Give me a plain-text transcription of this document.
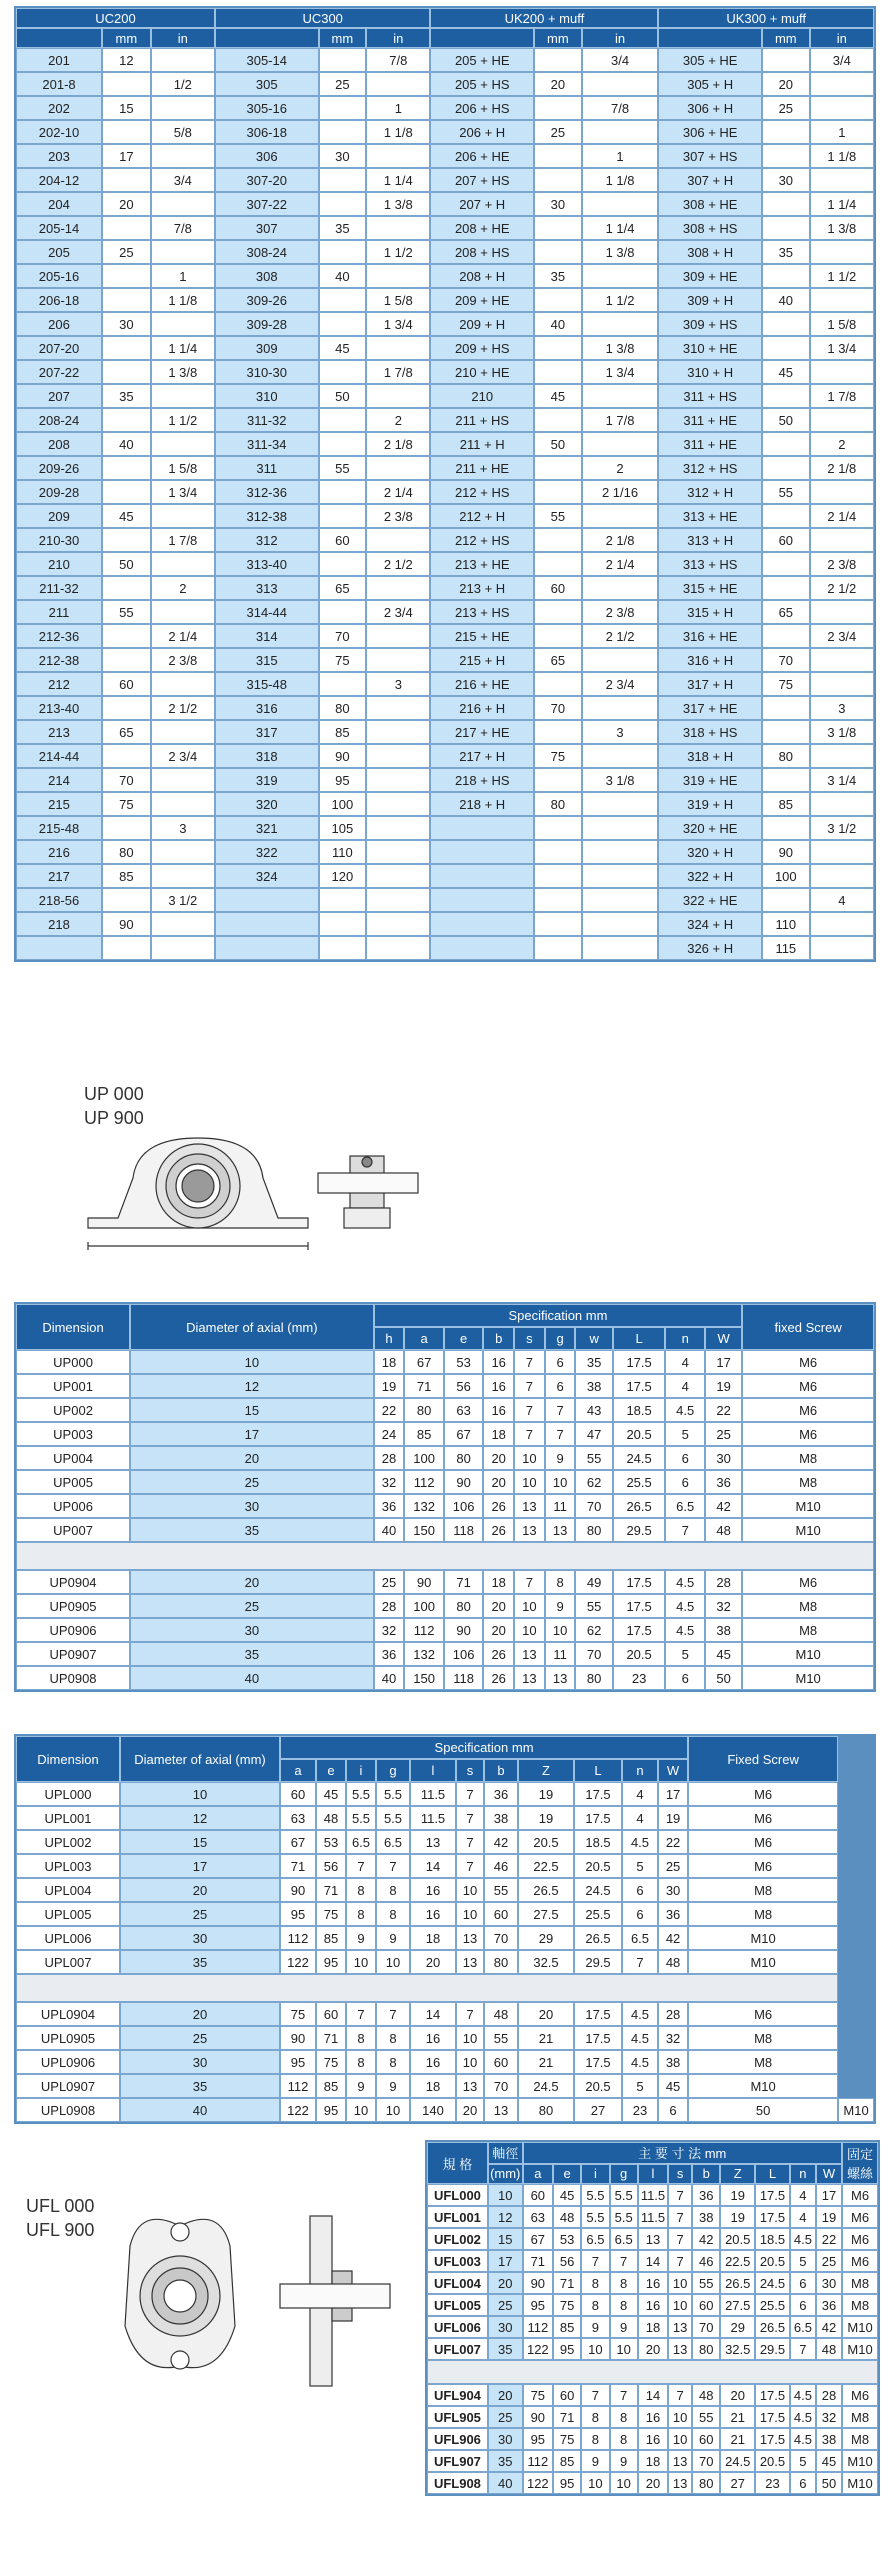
UC200			UC300			UK200 + muff			UK300 + muff		
	mm	in		mm	in		mm	in		mm	in
201	12		305-14		7/8	205 + HE		3/4	305 + HE		3/4
201-8		1/2	305	25		205 + HS	20		305 + H	20	
202	15		305-16		1	206 + HS		7/8	306 + H	25	
202-10		5/8	306-18		1 1/8	206 + H	25		306 + HE		1
203	17		306	30		206 + HE		1	307 + HS		1 1/8
204-12		3/4	307-20		1 1/4	207 + HS		1 1/8	307 + H	30	
204	20		307-22		1 3/8	207 + H	30		308 + HE		1 1/4
205-14		7/8	307	35		208 + HE		1 1/4	308 + HS		1 3/8
205	25		308-24		1 1/2	208 + HS		1 3/8	308 + H	35	
205-16		1	308	40		208 + H	35		309 + HE		1 1/2
206-18		1 1/8	309-26		1 5/8	209 + HE		1 1/2	309 + H	40	
206	30		309-28		1 3/4	209 + H	40		309 + HS		1 5/8
207-20		1 1/4	309	45		209 + HS		1 3/8	310 + HE		1 3/4
207-22		1 3/8	310-30		1 7/8	210 + HE		1 3/4	310 + H	45	
207	35		310	50		210	45		311 + HS		1 7/8
208-24		1 1/2	311-32		2	211 + HS		1 7/8	311 + HE	50	
208	40		311-34		2 1/8	211 + H	50		311 + HE		2
209-26		1 5/8	311	55		211 + HE		2	312 + HS		2 1/8
209-28		1 3/4	312-36		2 1/4	212 + HS		2 1/16	312 + H	55	
209	45		312-38		2 3/8	212 + H	55		313 + HE		2 1/4
210-30		1 7/8	312	60		212 + HS		2 1/8	313 + H	60	
210	50		313-40		2 1/2	213 + HE		2 1/4	313 + HS		2 3/8
211-32		2	313	65		213 + H	60		315 + HE		2 1/2
211	55		314-44		2 3/4	213 + HS		2 3/8	315 + H	65	
212-36		2 1/4	314	70		215 + HE		2 1/2	316 + HE		2 3/4
212-38		2 3/8	315	75		215 + H	65		316 + H	70	
212	60		315-48		3	216 + HE		2 3/4	317 + H	75	
213-40		2 1/2	316	80		216 + H	70		317 + HE		3
213	65		317	85		217 + HE		3	318 + HS		3 1/8
214-44		2 3/4	318	90		217 + H	75		318 + H	80	
214	70		319	95		218 + HS		3 1/8	319 + HE		3 1/4
215	75		320	100		218 + H	80		319 + H	85	
215-48		3	321	105					320 + HE		3 1/2
216	80		322	110					320 + H	90	
217	85		324	120					322 + H	100	
218-56		3 1/2							322 + HE		4
218	90								324 + H	110	
									326 + H	115	
UP 000
UP 900
Dimension	Diameter of axial (mm)	Specification mm										fixed Screw
		h	a	e	b	s	g	w	L	n	W	
UP000	10	18	67	53	16	7	6	35	17.5	4	17	M6
UP001	12	19	71	56	16	7	6	38	17.5	4	19	M6
UP002	15	22	80	63	16	7	7	43	18.5	4.5	22	M6
UP003	17	24	85	67	18	7	7	47	20.5	5	25	M6
UP004	20	28	100	80	20	10	9	55	24.5	6	30	M8
UP005	25	32	112	90	20	10	10	62	25.5	6	36	M8
UP006	30	36	132	106	26	13	11	70	26.5	6.5	42	M10
UP007	35	40	150	118	26	13	13	80	29.5	7	48	M10

UP0904	20	25	90	71	18	7	8	49	17.5	4.5	28	M6
UP0905	25	28	100	80	20	10	9	55	17.5	4.5	32	M8
UP0906	30	32	112	90	20	10	10	62	17.5	4.5	38	M8
UP0907	35	36	132	106	26	13	11	70	20.5	5	45	M10
UP0908	40	40	150	118	26	13	13	80	23	6	50	M10
Dimension	Diameter of axial (mm)	Specification mm											Fixed Screw	
		a	e	i	g	l	s	b	Z	L	n	W		
UPL000	10	60	45	5.5	5.5	11.5	7	36	19	17.5	4	17	M6	
UPL001	12	63	48	5.5	5.5	11.5	7	38	19	17.5	4	19	M6	
UPL002	15	67	53	6.5	6.5	13	7	42	20.5	18.5	4.5	22	M6	
UPL003	17	71	56	7	7	14	7	46	22.5	20.5	5	25	M6	
UPL004	20	90	71	8	8	16	10	55	26.5	24.5	6	30	M8	
UPL005	25	95	75	8	8	16	10	60	27.5	25.5	6	36	M8	
UPL006	30	112	85	9	9	18	13	70	29	26.5	6.5	42	M10	
UPL007	35	122	95	10	10	20	13	80	32.5	29.5	7	48	M10	

UPL0904	20	75	60	7	7	14	7	48	20	17.5	4.5	28	M6	
UPL0905	25	90	71	8	8	16	10	55	21	17.5	4.5	32	M8	
UPL0906	30	95	75	8	8	16	10	60	21	17.5	4.5	38	M8	
UPL0907	35	112	85	9	9	18	13	70	24.5	20.5	5	45	M10	
UPL0908	40	122	95	10	10	140	20	13	80	27	23	6	50	M10
UFL 000
UFL 900
規 格	軸徑	主 要 寸 法 mm											固定螺絲
	(mm)	a	e	i	g	l	s	b	Z	L	n	W	
UFL000	10	60	45	5.5	5.5	11.5	7	36	19	17.5	4	17	M6
UFL001	12	63	48	5.5	5.5	11.5	7	38	19	17.5	4	19	M6
UFL002	15	67	53	6.5	6.5	13	7	42	20.5	18.5	4.5	22	M6
UFL003	17	71	56	7	7	14	7	46	22.5	20.5	5	25	M6
UFL004	20	90	71	8	8	16	10	55	26.5	24.5	6	30	M8
UFL005	25	95	75	8	8	16	10	60	27.5	25.5	6	36	M8
UFL006	30	112	85	9	9	18	13	70	29	26.5	6.5	42	M10
UFL007	35	122	95	10	10	20	13	80	32.5	29.5	7	48	M10

UFL904	20	75	60	7	7	14	7	48	20	17.5	4.5	28	M6
UFL905	25	90	71	8	8	16	10	55	21	17.5	4.5	32	M8
UFL906	30	95	75	8	8	16	10	60	21	17.5	4.5	38	M8
UFL907	35	112	85	9	9	18	13	70	24.5	20.5	5	45	M10
UFL908	40	122	95	10	10	20	13	80	27	23	6	50	M10
